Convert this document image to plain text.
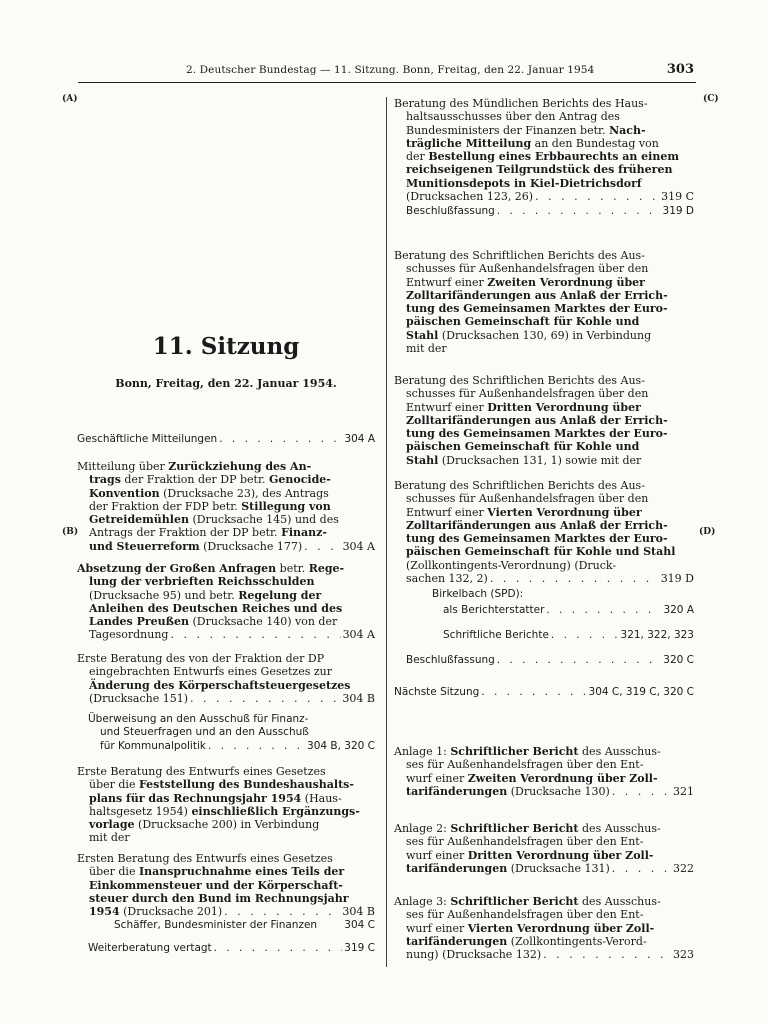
2. Deutscher Bundestag — 11. Sitzung. Bonn, Freitag, den 22. Januar 1954	303
(A)
(B)
(C)
(D)
11. Sitzung
Bonn, Freitag, den 22. Januar 1954.
Geschäftliche Mitteilungen . . .	304 A
Mitteilung über Zurückziehung des An-
trags der Fraktion der DP betr. Genocide-
Konvention (Drucksache 23), des Antrags
der Fraktion der FDP betr. Stillegung von
Getreidemühlen (Drucksache 145) und des
Antrags der Fraktion der DP betr. Finanz-
und Steuerreform (Drucksache 177) . . .	304 A
Absetzung der Großen Anfragen betr. Rege-
lung der verbrieften Reichsschulden
(Drucksache 95) und betr. Regelung der
Anleihen des Deutschen Reiches und des
Landes Preußen (Drucksache 140) von der
Tagesordnung . . .	304 A
Erste Beratung des von der Fraktion der DP
eingebrachten Entwurfs eines Gesetzes zur
Änderung des Körperschaftsteuergesetzes
(Drucksache 151) . . .	304 B
Überweisung an den Ausschuß für Finanz-
und Steuerfragen und an den Ausschuß
für Kommunalpolitik . . .	304 B, 320 C
Erste Beratung des Entwurfs eines Gesetzes
über die Feststellung des Bundeshaushalts-
plans für das Rechnungsjahr 1954 (Haus-
haltsgesetz 1954) einschließlich Ergänzungs-
vorlage (Drucksache 200) in Verbindung
mit der
Ersten Beratung des Entwurfs eines Gesetzes
über die Inanspruchnahme eines Teils der
Einkommensteuer und der Körperschaft-
steuer durch den Bund im Rechnungsjahr
1954 (Drucksache 201) . . .	304 B
Schäffer, Bundesminister der Finanzen	304 C
Weiterberatung vertagt . . .	319 C
Beratung des Mündlichen Berichts des Haus-
haltsausschusses über den Antrag des
Bundesministers der Finanzen betr. Nach-
trägliche Mitteilung an den Bundestag von
der Bestellung eines Erbbaurechts an einem
reichseigenen Teilgrundstück des früheren
Munitionsdepots in Kiel-Dietrichsdorf
(Drucksachen 123, 26) . . .	319 C
Beschlußfassung . . .	319 D
Beratung des Schriftlichen Berichts des Aus-
schusses für Außenhandelsfragen über den
Entwurf einer Zweiten Verordnung über
Zolltarifänderungen aus Anlaß der Errich-
tung des Gemeinsamen Marktes der Euro-
päischen Gemeinschaft für Kohle und
Stahl (Drucksachen 130, 69) in Verbindung
mit der
Beratung des Schriftlichen Berichts des Aus-
schusses für Außenhandelsfragen über den
Entwurf einer Dritten Verordnung über
Zolltarifänderungen aus Anlaß der Errich-
tung des Gemeinsamen Marktes der Euro-
päischen Gemeinschaft für Kohle und
Stahl (Drucksachen 131, 1) sowie mit der
Beratung des Schriftlichen Berichts des Aus-
schusses für Außenhandelsfragen über den
Entwurf einer Vierten Verordnung über
Zolltarifänderungen aus Anlaß der Errich-
tung des Gemeinsamen Marktes der Euro-
päischen Gemeinschaft für Kohle und Stahl
(Zollkontingents-Verordnung) (Druck-
sachen 132, 2) . . .	319 D
Birkelbach (SPD):
als Berichterstatter . . .	320 A
Schriftliche Berichte . . .	321, 322, 323
Beschlußfassung . . .	320 C
Nächste Sitzung . . .	304 C, 319 C, 320 C
Anlage 1: Schriftlicher Bericht des Ausschus-
ses für Außenhandelsfragen über den Ent-
wurf einer Zweiten Verordnung über Zoll-
tarifänderungen (Drucksache 130) . . .	321
Anlage 2: Schriftlicher Bericht des Ausschus-
ses für Außenhandelsfragen über den Ent-
wurf einer Dritten Verordnung über Zoll-
tarifänderungen (Drucksache 131) . . .	322
Anlage 3: Schriftlicher Bericht des Ausschus-
ses für Außenhandelsfragen über den Ent-
wurf einer Vierten Verordnung über Zoll-
tarifänderungen (Zollkontingents-Verord-
nung) (Drucksache 132) . . .	323
